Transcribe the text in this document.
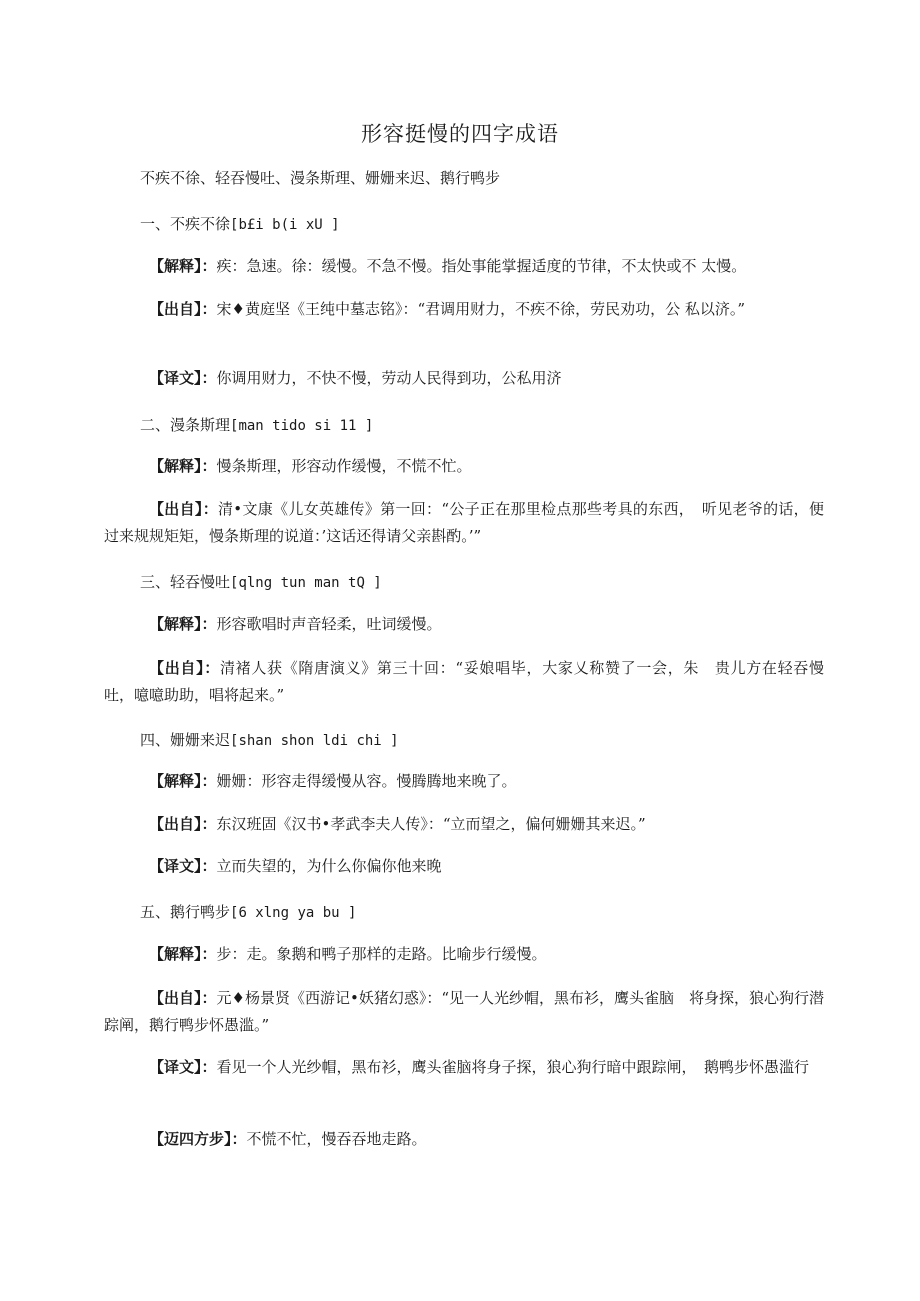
形容挺慢的四字成语
不疾不徐、轻吞慢吐、漫条斯理、姗姗来迟、鹅行鸭步
一、不疾不徐[b£i b(i xU ]
【解释】：疾：急速。徐：缓慢。不急不慢。指处事能掌握适度的节律，不太快或不 太慢。
【出自】：宋♦黄庭坚《王纯中墓志铭》：“君调用财力，不疾不徐，劳民劝功，公 私以济。”
【译文】：你调用财力，不快不慢，劳动人民得到功，公私用济
二、漫条斯理[man tido si 11 ]
【解释】：慢条斯理，形容动作缓慢，不慌不忙。
【出自】：清•文康《儿女英雄传》第一回：“公子正在那里检点那些考具的东西，　听见老爷的话，便过来规规矩矩，慢条斯理的说道：’这话还得请父亲斟酌。’”
三、轻吞慢吐[qlng tun man tQ ]
【解释】：形容歌唱时声音轻柔，吐词缓慢。
【出自】：清褚人获《隋唐演义》第三十回：“妥娘唱毕，大家乂称赞了一会，朱　贵儿方在轻吞慢吐，噫噫助助，唱将起来。”
四、姗姗来迟[shan shon ldi chi ]
【解释】：姗姗：形容走得缓慢从容。慢腾腾地来晚了。
【出自】：东汉班固《汉书•孝武李夫人传》：“立而望之，偏何姗姗其来迟。”
【译文】：立而失望的，为什么你偏你他来晚
五、鹅行鸭步[6 xlng ya bu ]
【解释】：步：走。象鹅和鸭子那样的走路。比喻步行缓慢。
【出自】：元♦杨景贤《西游记•妖猪幻惑》：“见一人光纱帽，黑布衫，鹰头雀脑　将身探，狼心狗行潜踪阐，鹅行鸭步怀愚滥。”
【译文】：看见一个人光纱帽，黑布衫，鹰头雀脑将身子探，狼心狗行暗中跟踪闸，　鹅鸭步怀愚滥行
【迈四方步】：不慌不忙，慢吞吞地走路。
